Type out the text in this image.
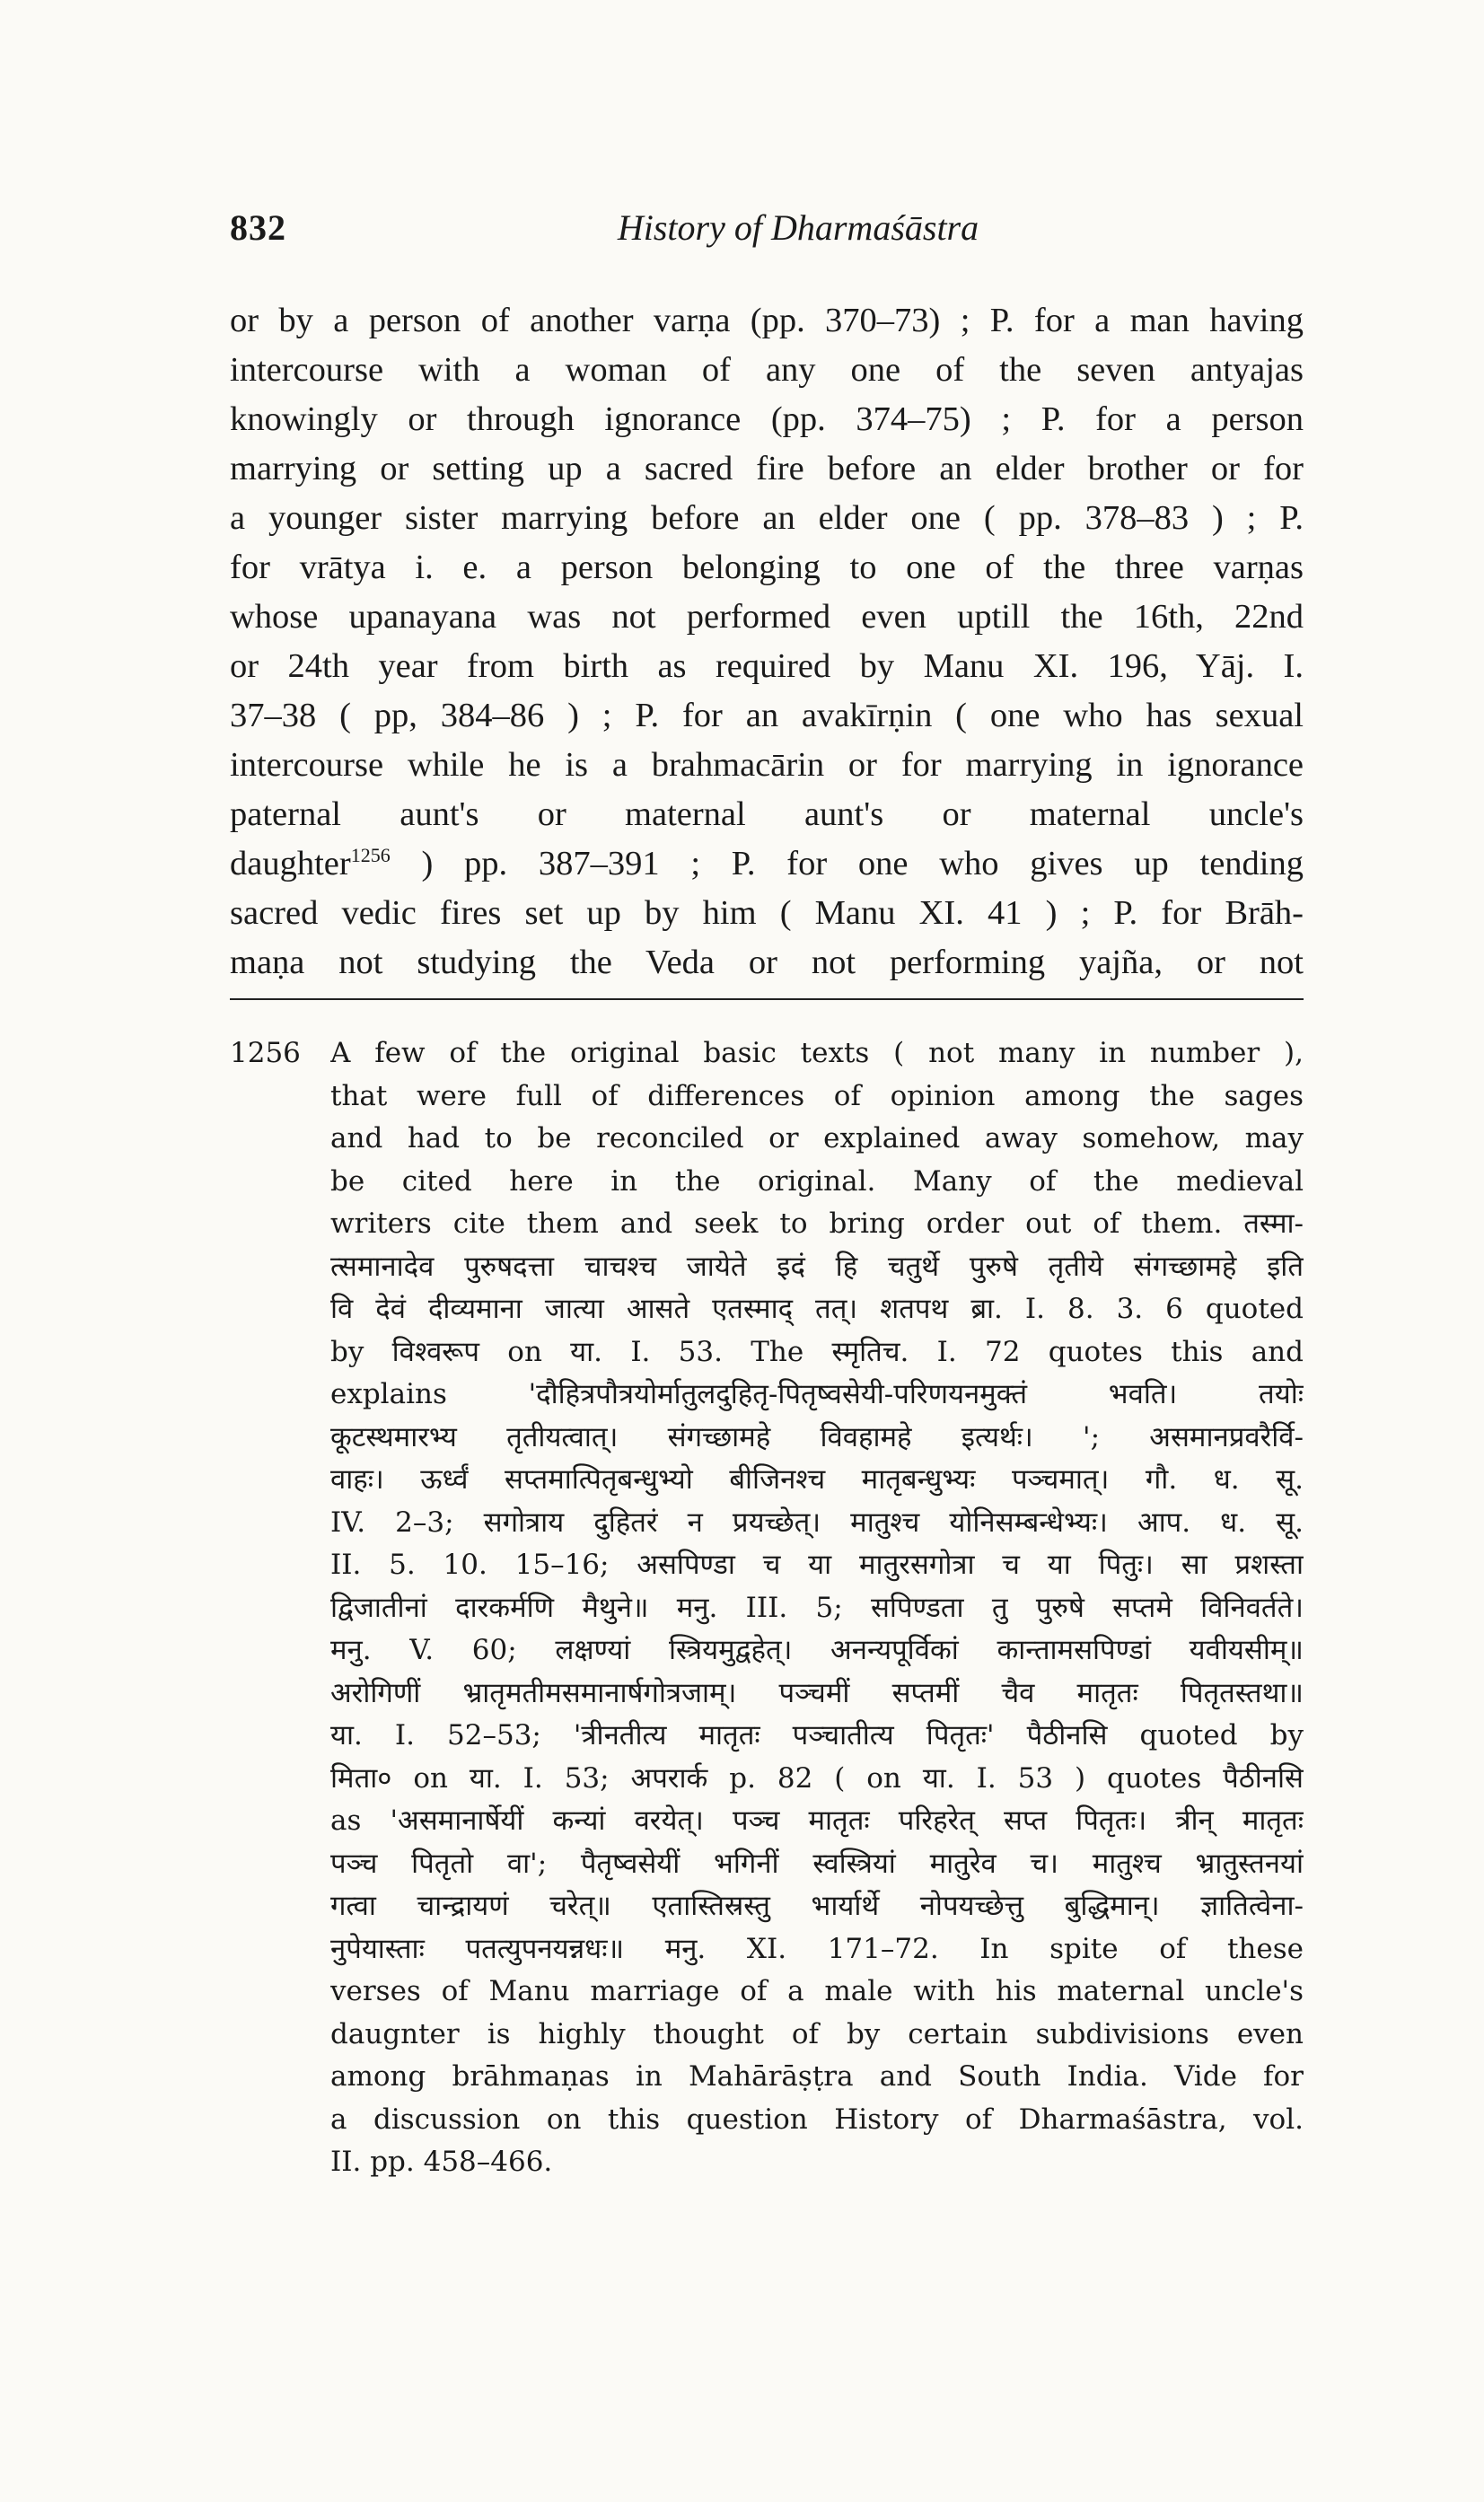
832	History of Dharmaśāstra
or by a person of another varṇa (pp. 370–73) ; P. for a man having
intercourse with a woman of any one of the seven antyajas
knowingly or through ignorance (pp. 374–75) ; P. for a person
marrying or setting up a sacred fire before an elder brother or for
a younger sister marrying before an elder one ( pp. 378–83 ) ; P.
for vrātya i. e. a person belonging to one of the three varṇas
whose upanayana was not performed even uptill the 16th, 22nd
or 24th year from birth as required by Manu XI. 196, Yāj. I.
37–38 ( pp, 384–86 ) ; P. for an avakīrṇin ( one who has sexual
intercourse while he is a brahmacārin or for marrying in ignorance
paternal aunt's or maternal aunt's or maternal uncle's
daughter$^{1256}$ ) pp. 387–391 ; P. for one who gives up tending
sacred vedic fires set up by him ( Manu XI. 41 ) ; P. for Brāh-
maṇa not studying the Veda or not performing yajña, or not
1256 A few of the original basic texts ( not many in number ),
that were full of differences of opinion among the sages
and had to be reconciled or explained away somehow, may
be cited here in the original. Many of the medieval
writers cite them and seek to bring order out of them. तस्मा-
त्समानादेव पुरुषदत्ता चाचश्च जायेते इदं हि चतुर्थे पुरुषे तृतीये संगच्छामहे इति
वि देवं दीव्यमाना जात्या आसते एतस्माद् तत्। शतपथ ब्रा. I. 8. 3. 6 quoted
by विश्वरूप on या. I. 53. The स्मृतिच. I. 72 quotes this and
explains 'दौहित्रपौत्रयोर्मातुलदुहितृ-पितृष्वसेयी-परिणयनमुक्तं भवति। तयोः
कूटस्थमारभ्य तृतीयत्वात्। संगच्छामहे विवहामहे इत्यर्थः। '; असमानप्रवरैर्वि-
वाहः। ऊर्ध्वं सप्तमात्पितृबन्धुभ्यो बीजिनश्च मातृबन्धुभ्यः पञ्चमात्। गौ. ध. सू.
IV. 2–3; सगोत्राय दुहितरं न प्रयच्छेत्। मातुश्च योनिसम्बन्धेभ्यः। आप. ध. सू.
II. 5. 10. 15–16; असपिण्डा च या मातुरसगोत्रा च या पितुः। सा प्रशस्ता
द्विजातीनां दारकर्मणि मैथुने॥ मनु. III. 5; सपिण्डता तु पुरुषे सप्तमे विनिवर्तते।
मनु. V. 60; लक्षण्यां स्त्रियमुद्वहेत्। अनन्यपूर्विकां कान्तामसपिण्डां यवीयसीम्॥
अरोगिणीं भ्रातृमतीमसमानार्षगोत्रजाम्। पञ्चमीं सप्तमीं चैव मातृतः पितृतस्तथा॥
या. I. 52–53; 'त्रीनतीत्य मातृतः पञ्चातीत्य पितृतः' पैठीनसि quoted by
मिता० on या. I. 53; अपरार्क p. 82 ( on या. I. 53 ) quotes पैठीनसि
as 'असमानार्षेयीं कन्यां वरयेत्। पञ्च मातृतः परिहरेत् सप्त पितृतः। त्रीन् मातृतः
पञ्च पितृतो वा'; पैतृष्वसेयीं भगिनीं स्वस्त्रियां मातुरेव च। मातुश्च भ्रातुस्तनयां
गत्वा चान्द्रायणं चरेत्॥ एतास्तिस्रस्तु भार्यार्थे नोपयच्छेत्तु बुद्धिमान्। ज्ञातित्वेना-
नुपेयास्ताः पतत्युपनयन्नधः॥ मनु. XI. 171–72. In spite of these
verses of Manu marriage of a male with his maternal uncle's
daugnter is highly thought of by certain subdivisions even
among brāhmaṇas in Mahārāṣṭra and South India. Vide for
a discussion on this question History of Dharmaśāstra, vol.
II. pp. 458–466.
